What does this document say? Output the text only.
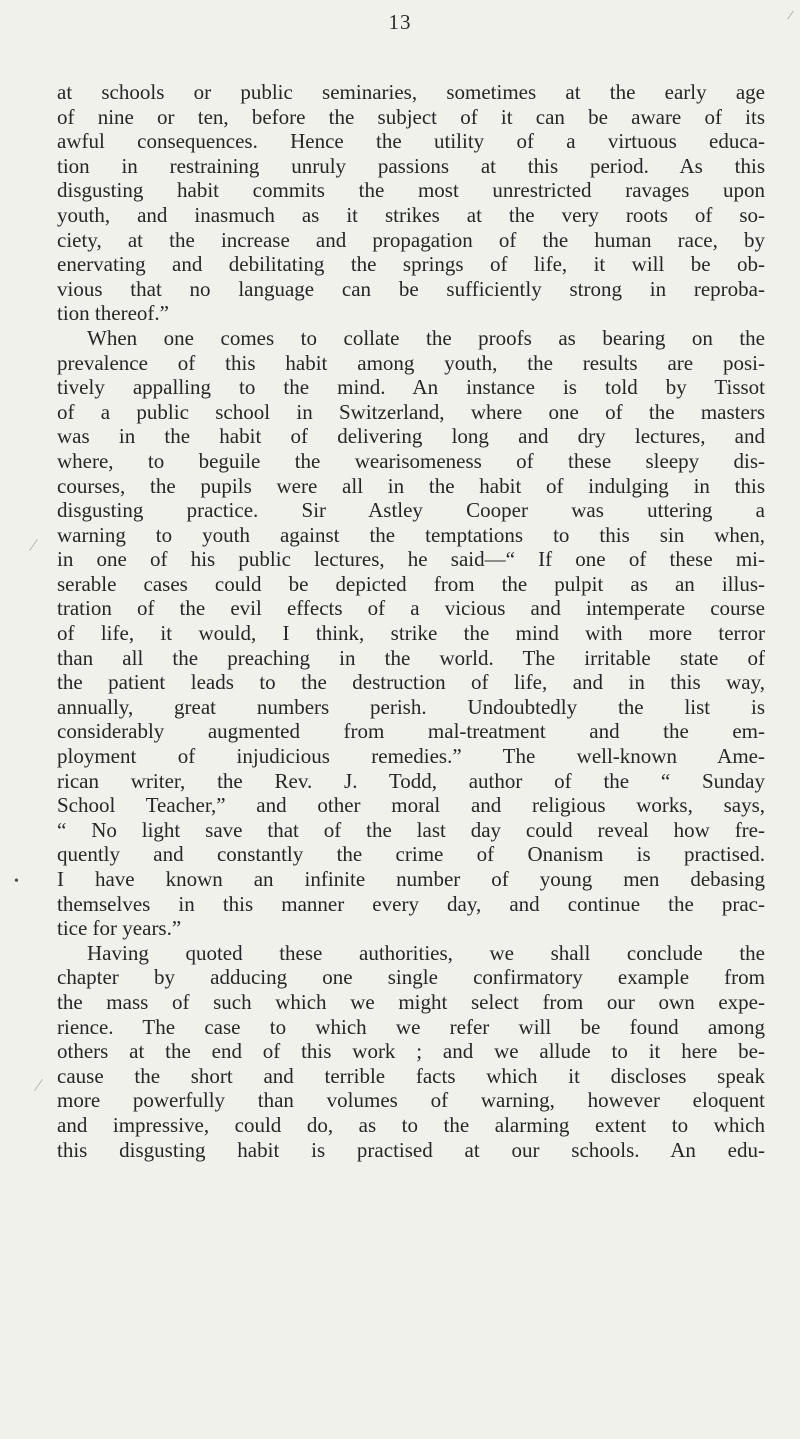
13
•

at schools or public seminaries, sometimes at the early age
of nine or ten, before the subject of it can be aware of its
awful consequences. Hence the utility of a virtuous educa-
tion in restraining unruly passions at this period. As this
disgusting habit commits the most unrestricted ravages upon
youth, and inasmuch as it strikes at the very roots of so-
ciety, at the increase and propagation of the human race, by
enervating and debilitating the springs of life, it will be ob-
vious that no language can be sufficiently strong in reproba-
tion thereof.”

When one comes to collate the proofs as bearing on the
prevalence of this habit among youth, the results are posi-
tively appalling to the mind. An instance is told by Tissot
of a public school in Switzerland, where one of the masters
was in the habit of delivering long and dry lectures, and
where, to beguile the wearisomeness of these sleepy dis-
courses, the pupils were all in the habit of indulging in this
disgusting practice. Sir Astley Cooper was uttering a
warning to youth against the temptations to this sin when,
in one of his public lectures, he said—“ If one of these mi-
serable cases could be depicted from the pulpit as an illus-
tration of the evil effects of a vicious and intemperate course
of life, it would, I think, strike the mind with more terror
than all the preaching in the world. The irritable state of
the patient leads to the destruction of life, and in this way,
annually, great numbers perish. Undoubtedly the list is
considerably augmented from mal-treatment and the em-
ployment of injudicious remedies.” The well-known Ame-
rican writer, the Rev. J. Todd, author of the “ Sunday
School Teacher,” and other moral and religious works, says,
“ No light save that of the last day could reveal how fre-
quently and constantly the crime of Onanism is practised.
I have known an infinite number of young men debasing
themselves in this manner every day, and continue the prac-
tice for years.”

Having quoted these authorities, we shall conclude the
chapter by adducing one single confirmatory example from
the mass of such which we might select from our own expe-
rience. The case to which we refer will be found among
others at the end of this work ; and we allude to it here be-
cause the short and terrible facts which it discloses speak
more powerfully than volumes of warning, however eloquent
and impressive, could do, as to the alarming extent to which
this disgusting habit is practised at our schools. An edu-
